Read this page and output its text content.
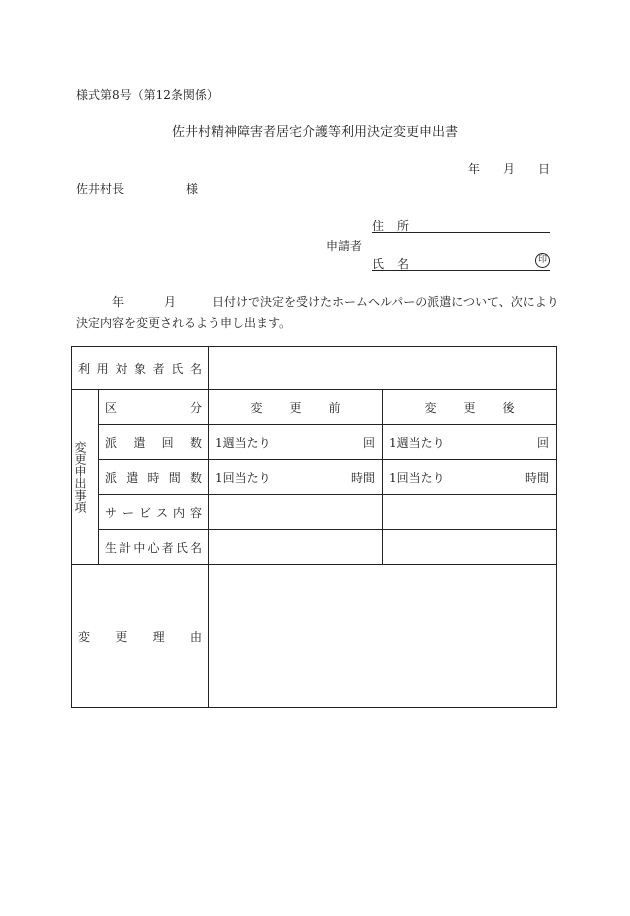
様式第8号（第12条関係）
佐井村精神障害者居宅介護等利用決定変更申出書
年 月 日
佐井村長	様
申請者
住所
氏名	印
年	月	日付けで決定を受けたホームヘルパーの派遣について、次により決定内容を変更されるよう申し出ます。
利用対象者氏名			

変更申出事項	区分	変更前	変更後
	派遣回数	1週当たり 回	1週当たり 回

	派遣時間数	1回当たり 時間	1回当たり 時間

	サービス内容	

	生計中心者氏名	

変更理由			
